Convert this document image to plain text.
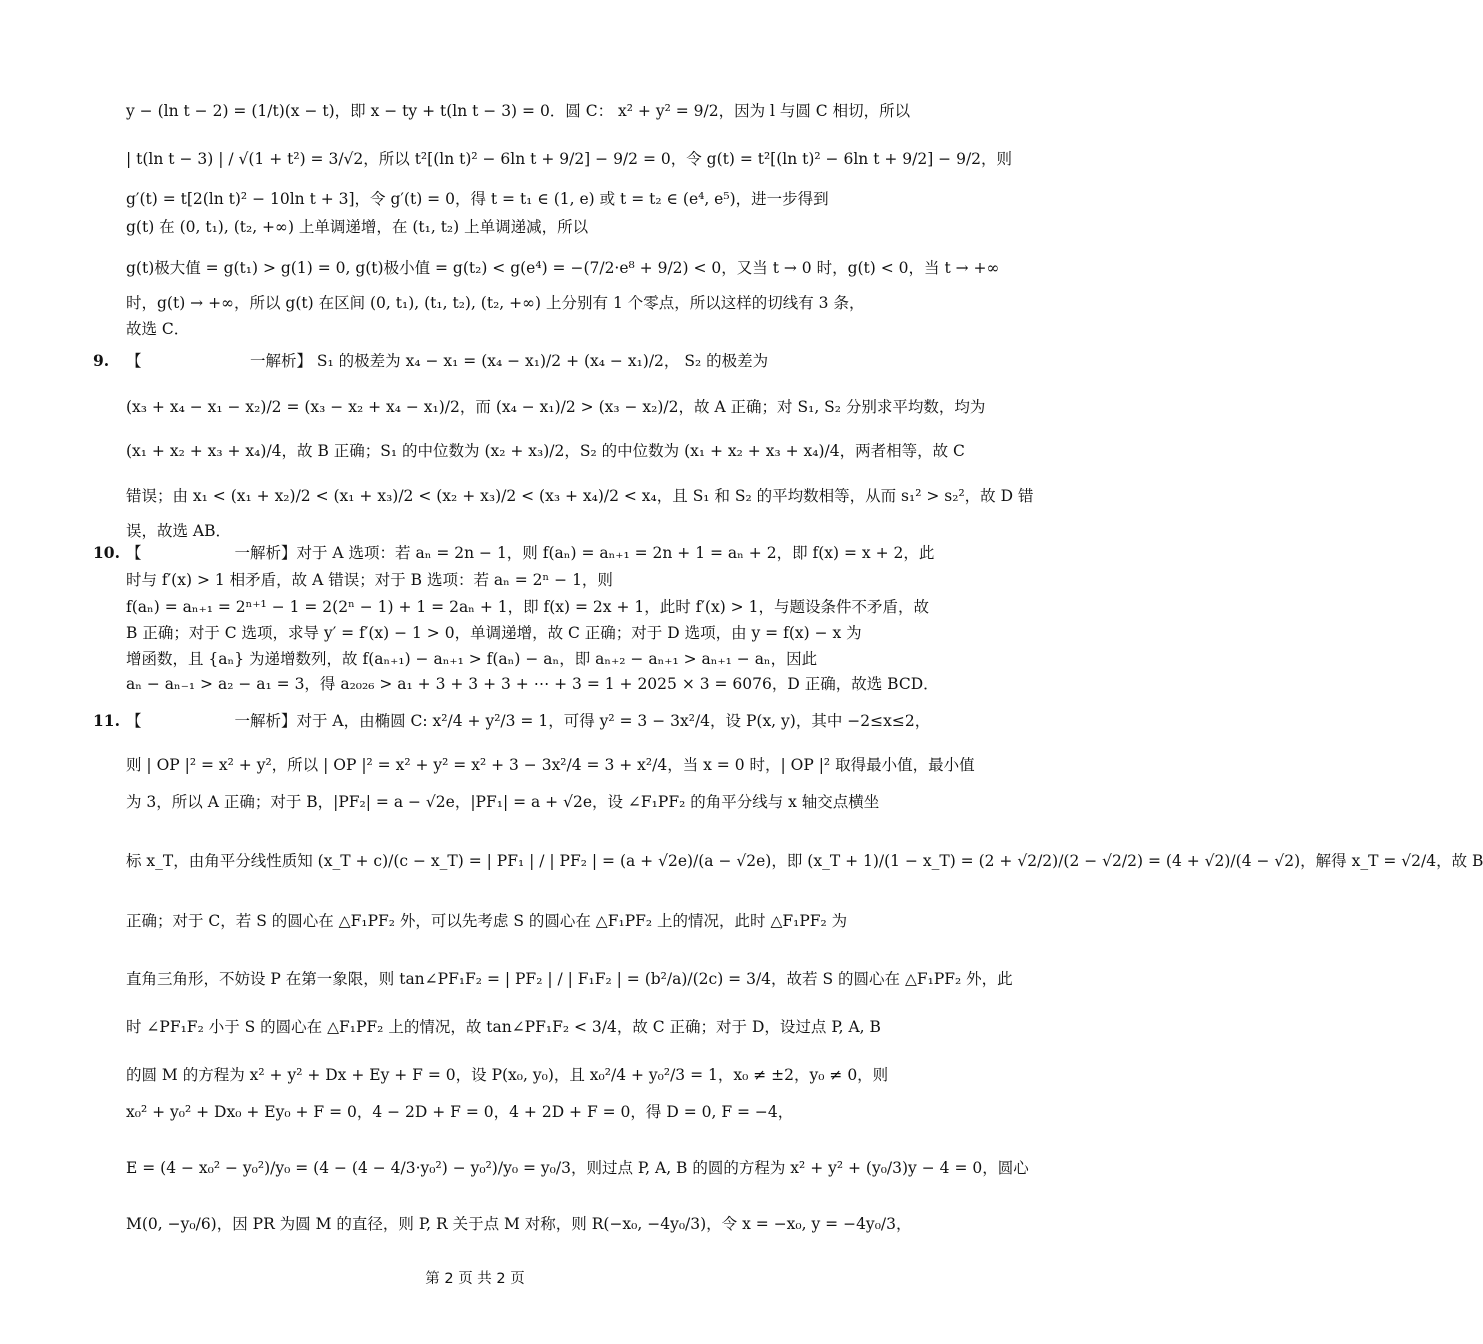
y − (ln t − 2) = (1/t)(x − t)，即 x − ty + t(ln t − 3) = 0．圆 C： x² + y² = 9/2，因为 l 与圆 C 相切，所以
| t(ln t − 3) | / √(1 + t²) = 3/√2，所以 t²[(ln t)² − 6ln t + 9/2] − 9/2 = 0，令 g(t) = t²[(ln t)² − 6ln t + 9/2] − 9/2，则
g′(t) = t[2(ln t)² − 10ln t + 3]，令 g′(t) = 0，得 t = t₁ ∈ (1, e) 或 t = t₂ ∈ (e⁴, e⁵)，进一步得到
g(t) 在 (0, t₁), (t₂, +∞) 上单调递增，在 (t₁, t₂) 上单调递减，所以
g(t)极大值 = g(t₁) > g(1) = 0, g(t)极小值 = g(t₂) < g(e⁴) = −(7/2·e⁸ + 9/2) < 0，又当 t → 0 时，g(t) < 0，当 t → +∞
时，g(t) → +∞，所以 g(t) 在区间 (0, t₁), (t₁, t₂), (t₂, +∞) 上分别有 1 个零点，所以这样的切线有 3 条，
故选 C．
9. 【　　　　　　　一解析】 S₁ 的极差为 x₄ − x₁ = (x₄ − x₁)/2 + (x₄ − x₁)/2， S₂ 的极差为
(x₃ + x₄ − x₁ − x₂)/2 = (x₃ − x₂ + x₄ − x₁)/2，而 (x₄ − x₁)/2 > (x₃ − x₂)/2，故 A 正确；对 S₁, S₂ 分别求平均数，均为
(x₁ + x₂ + x₃ + x₄)/4，故 B 正确；S₁ 的中位数为 (x₂ + x₃)/2，S₂ 的中位数为 (x₁ + x₂ + x₃ + x₄)/4，两者相等，故 C
错误；由 x₁ < (x₁ + x₂)/2 < (x₁ + x₃)/2 < (x₂ + x₃)/2 < (x₃ + x₄)/2 < x₄，且 S₁ 和 S₂ 的平均数相等，从而 s₁² > s₂²，故 D 错
误，故选 AB．
10. 【　　　　　　一解析】对于 A 选项：若 aₙ = 2n − 1，则 f(aₙ) = aₙ₊₁ = 2n + 1 = aₙ + 2，即 f(x) = x + 2，此
时与 f′(x) > 1 相矛盾，故 A 错误；对于 B 选项：若 aₙ = 2ⁿ − 1，则
f(aₙ) = aₙ₊₁ = 2ⁿ⁺¹ − 1 = 2(2ⁿ − 1) + 1 = 2aₙ + 1，即 f(x) = 2x + 1，此时 f′(x) > 1，与题设条件不矛盾，故
B 正确；对于 C 选项，求导 y′ = f′(x) − 1 > 0，单调递增，故 C 正确；对于 D 选项，由 y = f(x) − x 为
增函数，且 {aₙ} 为递增数列，故 f(aₙ₊₁) − aₙ₊₁ > f(aₙ) − aₙ，即 aₙ₊₂ − aₙ₊₁ > aₙ₊₁ − aₙ，因此
aₙ − aₙ₋₁ > a₂ − a₁ = 3，得 a₂₀₂₆ > a₁ + 3 + 3 + 3 + ⋯ + 3 = 1 + 2025 × 3 = 6076，D 正确，故选 BCD．
11. 【　　　　　　一解析】对于 A，由椭圆 C: x²/4 + y²/3 = 1，可得 y² = 3 − 3x²/4，设 P(x, y)，其中 −2≤x≤2，
则 | OP |² = x² + y²，所以 | OP |² = x² + y² = x² + 3 − 3x²/4 = 3 + x²/4，当 x = 0 时，| OP |² 取得最小值，最小值
为 3，所以 A 正确；对于 B，|PF₂| = a − √2e，|PF₁| = a + √2e，设 ∠F₁PF₂ 的角平分线与 x 轴交点横坐
标 x_T，由角平分线性质知 (x_T + c)/(c − x_T) = | PF₁ | / | PF₂ | = (a + √2e)/(a − √2e)，即 (x_T + 1)/(1 − x_T) = (2 + √2/2)/(2 − √2/2) = (4 + √2)/(4 − √2)，解得 x_T = √2/4，故 B
正确；对于 C，若 S 的圆心在 △F₁PF₂ 外，可以先考虑 S 的圆心在 △F₁PF₂ 上的情况，此时 △F₁PF₂ 为
直角三角形，不妨设 P 在第一象限，则 tan∠PF₁F₂ = | PF₂ | / | F₁F₂ | = (b²/a)/(2c) = 3/4，故若 S 的圆心在 △F₁PF₂ 外，此
时 ∠PF₁F₂ 小于 S 的圆心在 △F₁PF₂ 上的情况，故 tan∠PF₁F₂ < 3/4，故 C 正确；对于 D，设过点 P, A, B
的圆 M 的方程为 x² + y² + Dx + Ey + F = 0，设 P(x₀, y₀)，且 x₀²/4 + y₀²/3 = 1，x₀ ≠ ±2，y₀ ≠ 0，则
x₀² + y₀² + Dx₀ + Ey₀ + F = 0，4 − 2D + F = 0，4 + 2D + F = 0，得 D = 0, F = −4，
E = (4 − x₀² − y₀²)/y₀ = (4 − (4 − 4/3·y₀²) − y₀²)/y₀ = y₀/3，则过点 P, A, B 的圆的方程为 x² + y² + (y₀/3)y − 4 = 0，圆心
M(0, −y₀/6)，因 PR 为圆 M 的直径，则 P, R 关于点 M 对称，则 R(−x₀, −4y₀/3)，令 x = −x₀, y = −4y₀/3，
第 2 页 共 2 页
